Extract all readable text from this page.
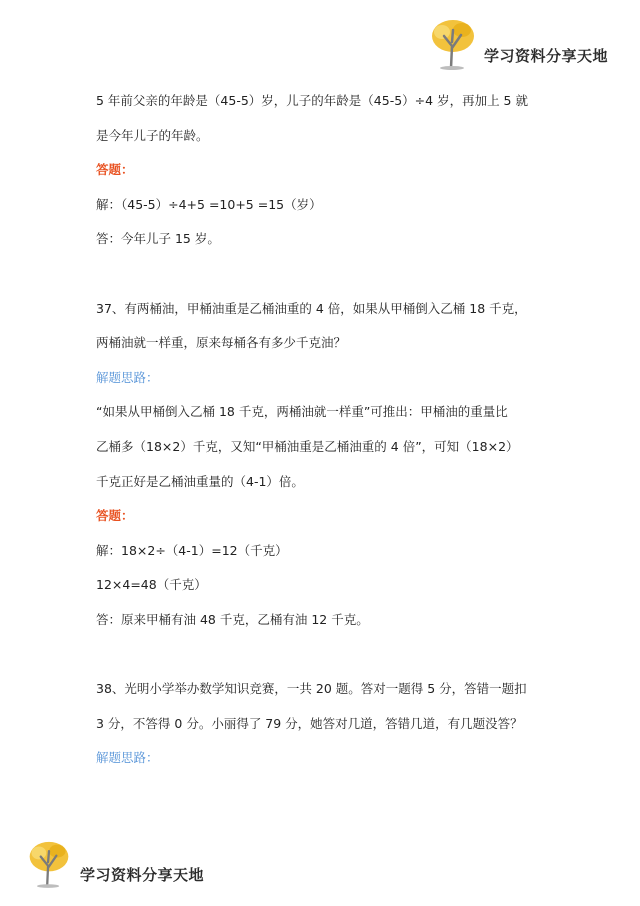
学习资料分享天地
5 年前父亲的年龄是（45-5）岁，儿子的年龄是（45-5）÷4 岁，再加上 5 就
是今年儿子的年龄。
答题：
解：（45-5）÷4+5 =10+5 =15（岁）
答：今年儿子 15 岁。
37、有两桶油，甲桶油重是乙桶油重的 4 倍，如果从甲桶倒入乙桶 18 千克，
两桶油就一样重，原来每桶各有多少千克油？
解题思路：
“如果从甲桶倒入乙桶 18 千克，两桶油就一样重”可推出：甲桶油的重量比
乙桶多（18×2）千克，又知“甲桶油重是乙桶油重的 4 倍”，可知（18×2）
千克正好是乙桶油重量的（4-1）倍。
答题：
解：18×2÷（4-1）=12（千克）
12×4=48（千克）
答：原来甲桶有油 48 千克，乙桶有油 12 千克。
38、光明小学举办数学知识竞赛，一共 20 题。答对一题得 5 分，答错一题扣
3 分，不答得 0 分。小丽得了 79 分，她答对几道，答错几道，有几题没答？
解题思路：
学习资料分享天地
